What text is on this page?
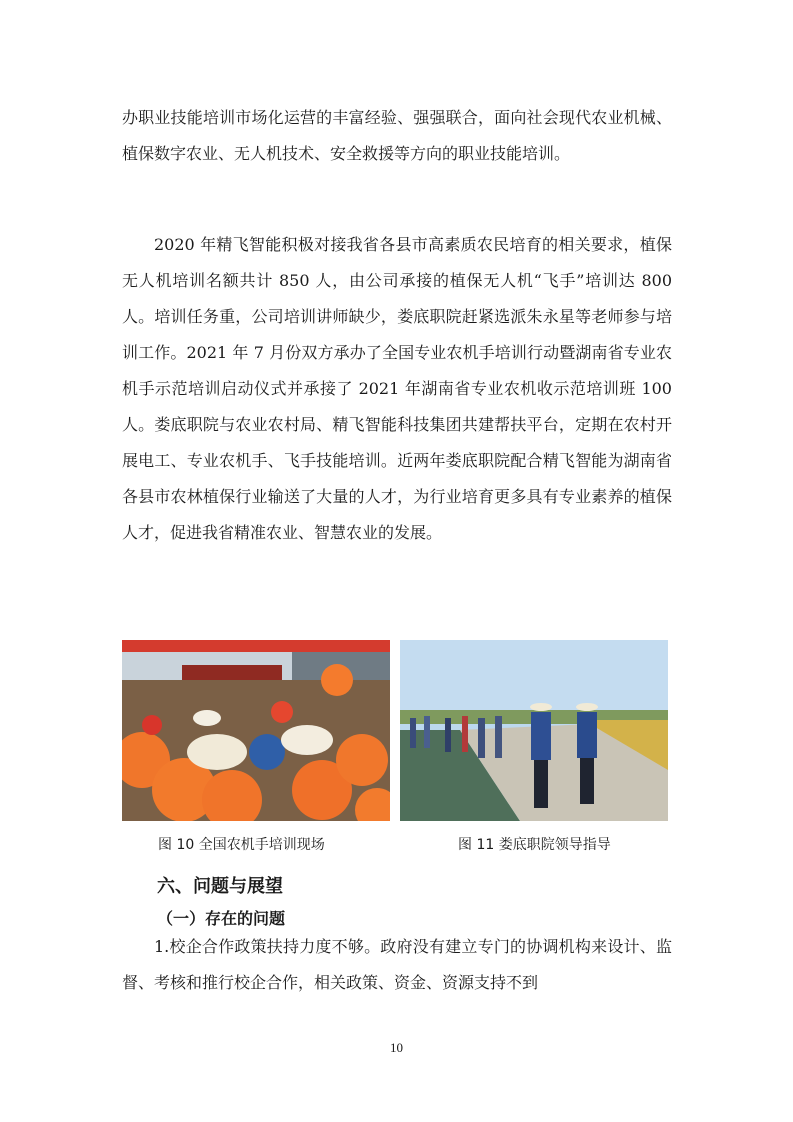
办职业技能培训市场化运营的丰富经验、强强联合，面向社会现代农业机械、植保数字农业、无人机技术、安全救援等方向的职业技能培训。

2020 年精飞智能积极对接我省各县市高素质农民培育的相关要求，植保无人机培训名额共计 850 人，由公司承接的植保无人机“飞手”培训达 800 人。培训任务重，公司培训讲师缺少，娄底职院赶紧选派朱永星等老师参与培训工作。2021 年 7 月份双方承办了全国专业农机手培训行动暨湖南省专业农机手示范培训启动仪式并承接了 2021 年湖南省专业农机收示范培训班 100 人。娄底职院与农业农村局、精飞智能科技集团共建帮扶平台，定期在农村开展电工、专业农机手、飞手技能培训。近两年娄底职院配合精飞智能为湖南省各县市农林植保行业输送了大量的人才，为行业培育更多具有专业素养的植保人才，促进我省精准农业、智慧农业的发展。

图 10 全国农机手培训现场	图 11 娄底职院领导指导
六、问题与展望
（一）存在的问题

1.校企合作政策扶持力度不够。政府没有建立专门的协调机构来设计、监督、考核和推行校企合作，相关政策、资金、资源支持不到

10
